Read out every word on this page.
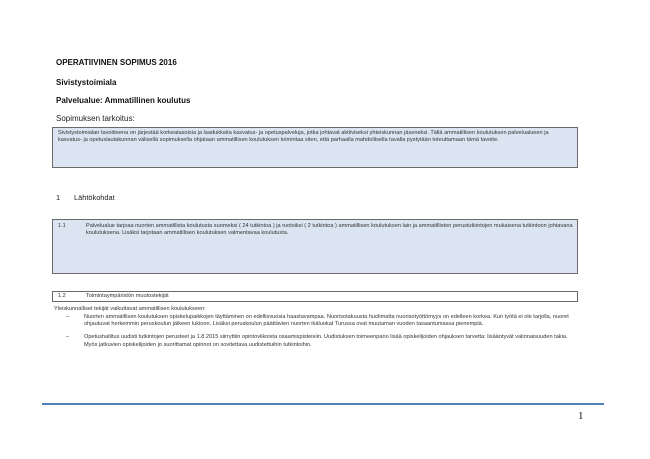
OPERATIIVINEN SOPIMUS 2016
Sivistystoimiala
Palvelualue: Ammatillinen koulutus
Sopimuksen tarkoitus:
Sivistystoimialan tavoitteena on järjestää korkeatasoisia ja laadukkaita kasvatus- ja opetuspalveluja, jotka johtavat aktiiviseksi yhteiskunnan jäseneksi. Tällä ammatillisen koulutuksen palvelualueen ja kasvatus- ja opetuslautakunnan välisellä sopimuksella ohjataan ammatillisen koulutuksen toimintaa siten, että parhaalla mahdollisella tavalla pystytään toteuttamaan tämä tavoite.
1 Lähtökohdat
1.1	Palvelualue tarjoaa nuorten ammatillista koulutusta suomeksi ( 24 tutkintoa ) ja ruotsiksi ( 2 tutkintoa ) ammatillisen koulutuksen lain ja ammatillisten perustutkintojen mukaisena tutkintoon johtavana koulutuksena. Lisäksi tarjotaan ammatillisen koulutuksen valmentavaa koulutusta.
1.2	Toimintaympäristön muutostekijät
Yleiskunnalliset tekijät vaikuttavat ammatillisen koulutukseen:
–	Nuorten ammatillisen koulutuksen opiskelupaikkojen täyttäminen on edellisvuosia haastavampaa. Nuorisotakuusta huolimatta nuorisotyöttömyys on edelleen korkea. Kun työtä ei ole tarjolla, nuoret ohjautuvat herkemmin peruskoulun jälkeen lukioon. Lisäksi peruskoulun päättävien nuorten ikäluokat Turussa ovat muutaman vuoden tasaantumassa pienempiä.
–	Opetushallitus uudisti tutkintojen perusteet ja 1.8.2015 siirryttiin opintoviikoista osaamispisteisiin. Uudistuksen toimeenpano lisää opiskelijoiden ohjauksen tarvetta: lisääntyvät valinnaisuuden takia. Myös jatkuvien opiskelijoiden jo suorittamat opinnot on sovitettava uudistettuihin tutkintoihin.
1
